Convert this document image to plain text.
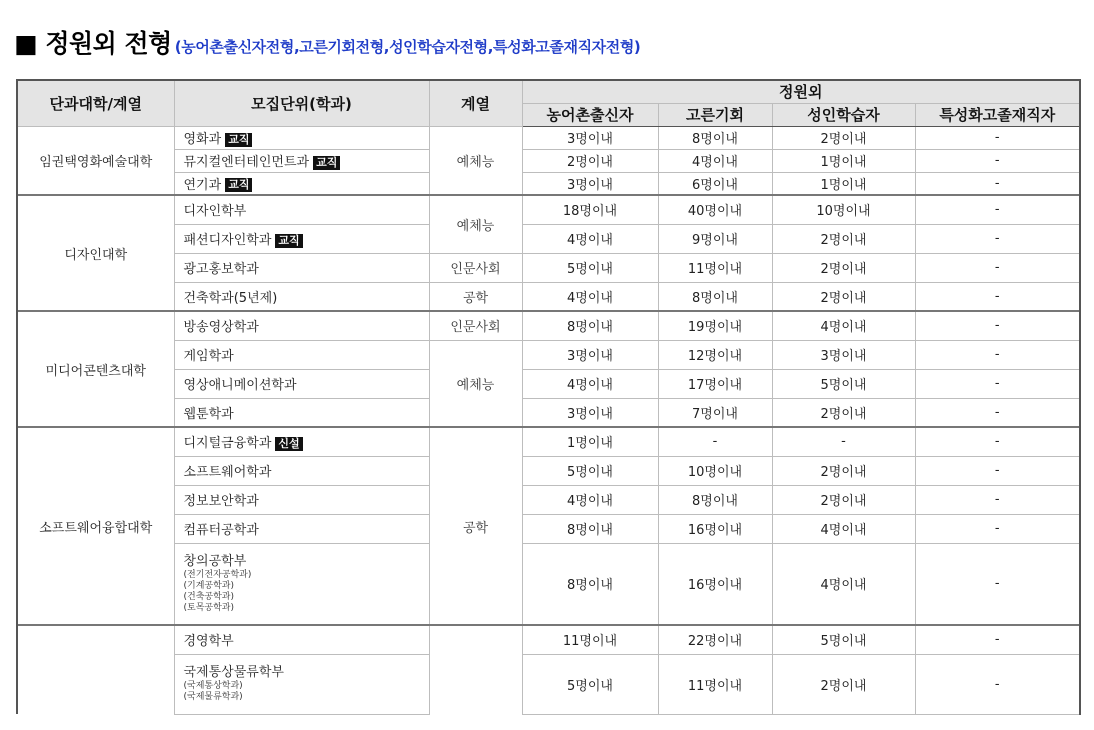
■ 정원외 전형 (농어촌출신자전형,고른기회전형,성인학습자전형,특성화고졸재직자전형)
단과대학/계열	모집단위(학과)	계열	정원외			
			농어촌출신자	고른기회	성인학습자	특성화고졸재직자
임권택영화예술대학	영화과 교직	예체능	3명이내	8명이내	2명이내	-
	뮤지컬엔터테인먼트과 교직		2명이내	4명이내	1명이내	-
	연기과 교직		3명이내	6명이내	1명이내	-
디자인대학	디자인학부	예체능	18명이내	40명이내	10명이내	-
	패션디자인학과 교직		4명이내	9명이내	2명이내	-
	광고홍보학과	인문사회	5명이내	11명이내	2명이내	-
	건축학과(5년제)	공학	4명이내	8명이내	2명이내	-
미디어콘텐츠대학	방송영상학과	인문사회	8명이내	19명이내	4명이내	-
	게임학과	예체능	3명이내	12명이내	3명이내	-
	영상애니메이션학과		4명이내	17명이내	5명이내	-
	웹툰학과		3명이내	7명이내	2명이내	-
소프트웨어융합대학	디지털금융학과 신설	공학	1명이내	-	-	-
	소프트웨어학과		5명이내	10명이내	2명이내	-
	정보보안학과		4명이내	8명이내	2명이내	-
	컴퓨터공학과		8명이내	16명이내	4명이내	-

	창의공학부
(전기전자공학과)
(기계공학과)
(건축공학과)
(토목공학과)		8명이내	16명이내	4명이내	-
	경영학부		11명이내	22명이내	5명이내	-

	국제통상물류학부
(국제통상학과)
(국제물류학과)		5명이내	11명이내	2명이내	-
